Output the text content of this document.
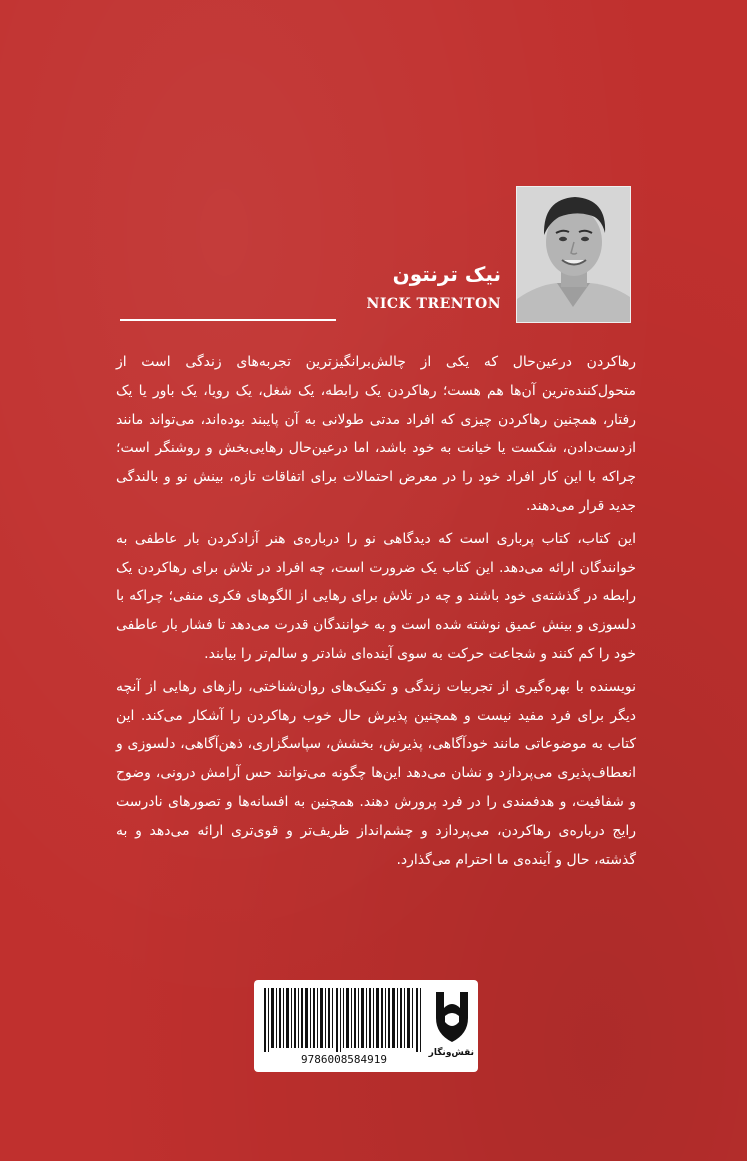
نیک ترنتون
NICK TRENTON

رهاکردن درعین‌حال که یکی از چالش‌برانگیزترین تجربه‌های زندگی است از متحول‌کننده‌ترین آن‌ها هم هست؛ رهاکردن یک رابطه، یک شغل، یک رویا، یک باور یا یک رفتار، همچنین رهاکردن چیزی که افراد مدتی طولانی به آن پایبند بوده‌اند، می‌تواند مانند ازدست‌دادن، شکست یا خیانت به خود باشد، اما درعین‌حال رهایی‌بخش و روشنگر است؛ چراکه با این کار افراد خود را در معرض احتمالات برای اتفاقات تازه، بینش نو و بالندگی جدید قرار می‌دهند.

این کتاب، کتاب پرباری است که دیدگاهی نو را درباره‌ی هنر آزادکردن بار عاطفی به خوانندگان ارائه می‌دهد. این کتاب یک ضرورت است، چه افراد در تلاش برای رهاکردن یک رابطه در گذشته‌ی خود باشند و چه در تلاش برای رهایی از الگوهای فکری منفی؛ چراکه با دلسوزی و بینش عمیق نوشته شده است و به خوانندگان قدرت می‌دهد تا فشار بار عاطفی خود را کم کنند و شجاعت حرکت به سوی آینده‌ای شادتر و سالم‌تر را بیابند.

نویسنده با بهره‌گیری از تجربیات زندگی و تکنیک‌های روان‌شناختی، رازهای رهایی از آنچه دیگر برای فرد مفید نیست و همچنین پذیرش حال خوب رهاکردن را آشکار می‌کند. این کتاب به موضوعاتی مانند خودآگاهی، پذیرش، بخشش، سپاسگزاری، ذهن‌آگاهی، دلسوزی و انعطاف‌پذیری می‌پردازد و نشان می‌دهد این‌ها چگونه می‌توانند حس آرامش درونی، وضوح و شفافیت، و هدفمندی را در فرد پرورش دهند. همچنین به افسانه‌ها و تصورهای نادرست رایج درباره‌ی رهاکردن، می‌پردازد و چشم‌انداز ظریف‌تر و قوی‌تری ارائه می‌دهد و به گذشته، حال و آینده‌ی ما احترام می‌گذارد.

9786008584919	نقش‌ونگار
